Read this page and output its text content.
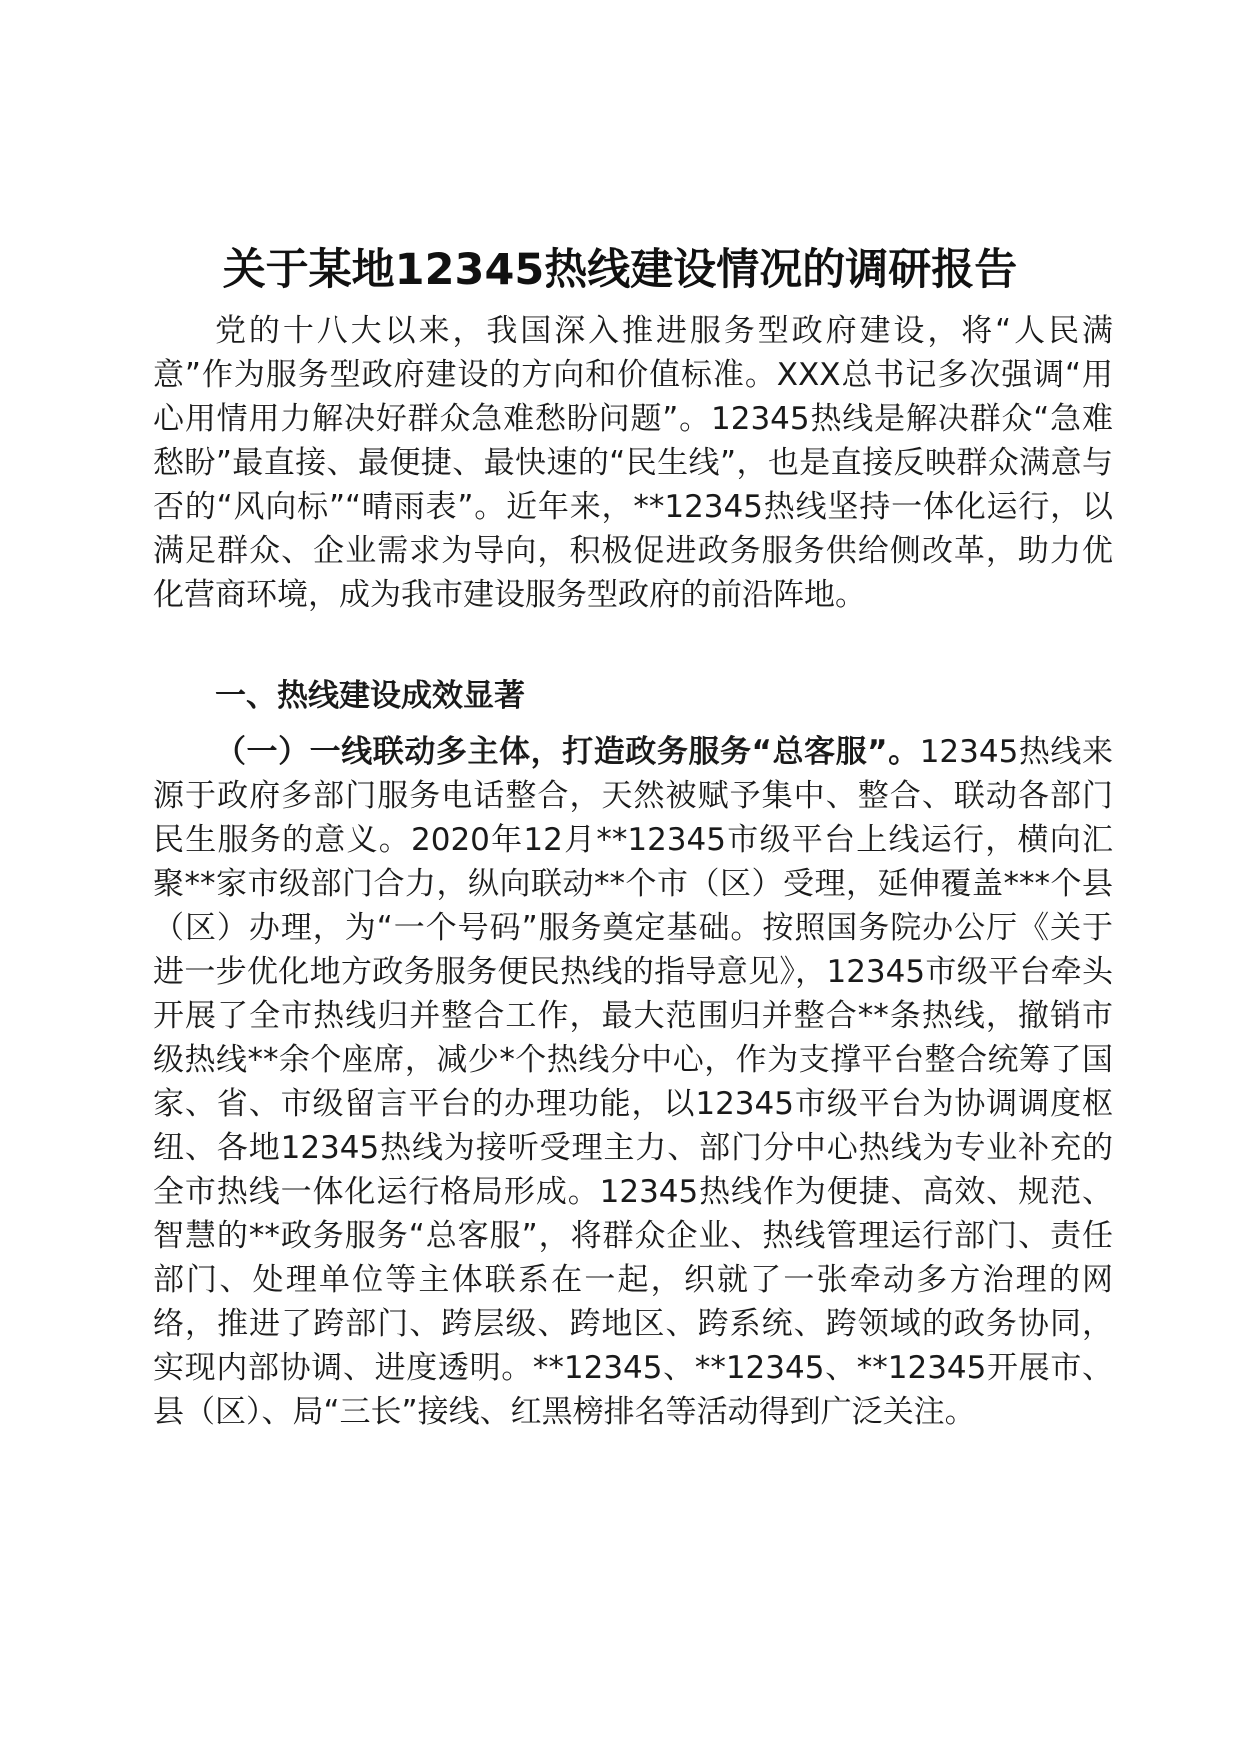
关于某地12345热线建设情况的调研报告

党的十八大以来，我国深入推进服务型政府建设，将“人民满意”作为服务型政府建设的方向和价值标准。XXX总书记多次强调“用心用情用力解决好群众急难愁盼问题”。12345热线是解决群众“急难愁盼”最直接、最便捷、最快速的“民生线”，也是直接反映群众满意与否的“风向标”“晴雨表”。近年来，**12345热线坚持一体化运行，以满足群众、企业需求为导向，积极促进政务服务供给侧改革，助力优化营商环境，成为我市建设服务型政府的前沿阵地。

一、热线建设成效显著

（一）一线联动多主体，打造政务服务“总客服”。12345热线来源于政府多部门服务电话整合，天然被赋予集中、整合、联动各部门民生服务的意义。2020年12月**12345市级平台上线运行，横向汇聚**家市级部门合力，纵向联动**个市（区）受理，延伸覆盖***个县（区）办理，为“一个号码”服务奠定基础。按照国务院办公厅《关于进一步优化地方政务服务便民热线的指导意见》，12345市级平台牵头开展了全市热线归并整合工作，最大范围归并整合**条热线，撤销市级热线**余个座席，减少*个热线分中心，作为支撑平台整合统筹了国家、省、市级留言平台的办理功能，以12345市级平台为协调调度枢纽、各地12345热线为接听受理主力、部门分中心热线为专业补充的全市热线一体化运行格局形成。12345热线作为便捷、高效、规范、智慧的**政务服务“总客服”，将群众企业、热线管理运行部门、责任部门、处理单位等主体联系在一起，织就了一张牵动多方治理的网络，推进了跨部门、跨层级、跨地区、跨系统、跨领域的政务协同，实现内部协调、进度透明。**12345、**12345、**12345开展市、县（区）、局“三长”接线、红黑榜排名等活动得到广泛关注。
